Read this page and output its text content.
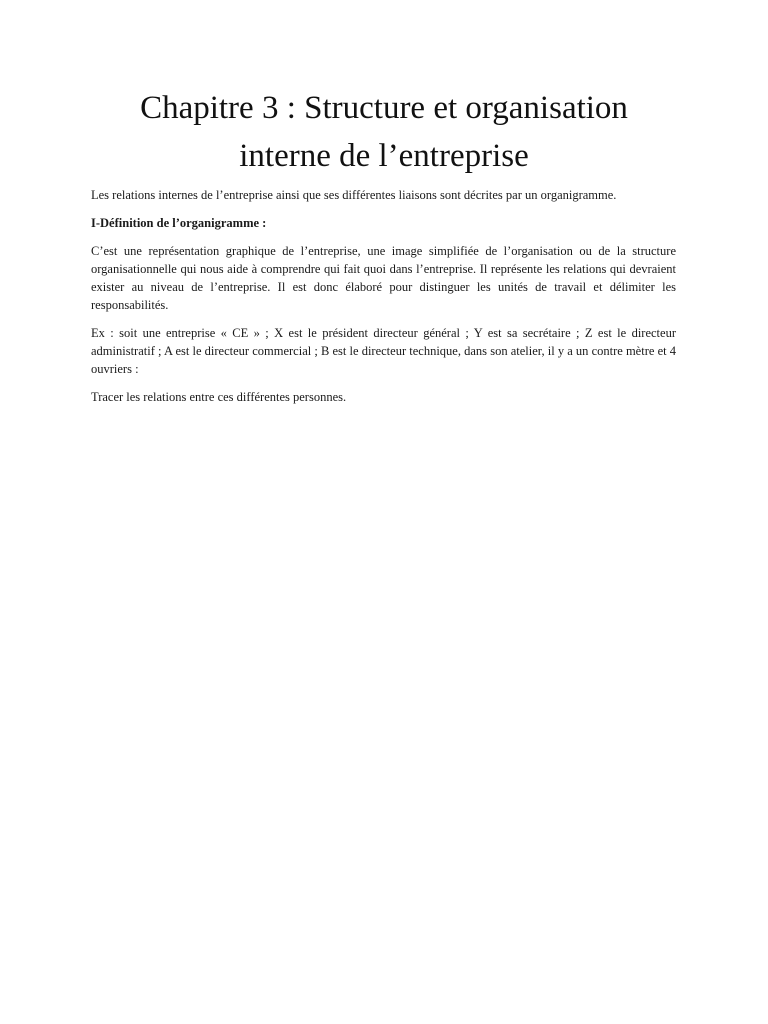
Chapitre 3 : Structure et organisation
interne de l’entreprise

Les relations internes de l’entreprise ainsi que ses différentes liaisons sont décrites par un organigramme.

I-Définition de l’organigramme :

C’est une représentation graphique de l’entreprise, une image simplifiée de l’organisation ou de la structure organisationnelle qui nous aide à comprendre qui fait quoi dans l’entreprise. Il représente les relations qui devraient exister au niveau de l’entreprise. Il est donc élaboré pour distinguer les unités de travail et délimiter les responsabilités.

Ex : soit une entreprise « CE » ; X est le président directeur général ; Y est sa secrétaire ; Z est le directeur administratif ; A est le directeur commercial ; B est le directeur technique, dans son atelier, il y a un contre mètre et 4 ouvriers :

Tracer les relations entre ces différentes personnes.
